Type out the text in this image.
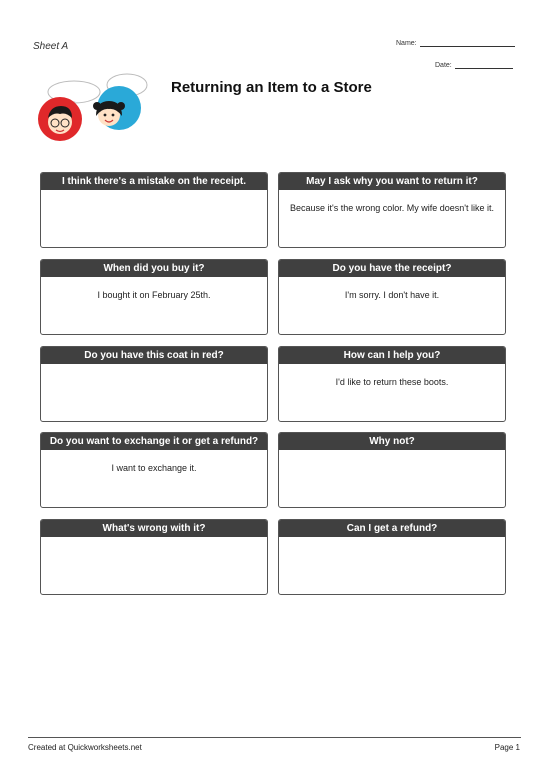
Sheet A	Name:
Date:
Returning an Item to a Store
I think there's a mistake on the receipt.	May I ask why you want to return it?
Because it's the wrong color. My wife doesn't like it.
When did you buy it?
I bought it on February 25th.
Do you have the receipt?
I'm sorry. I don't have it.
Do you have this coat in red?	How can I help you?
I'd like to return these boots.
Do you want to exchange it or get a refund?
I want to exchange it.
Why not?
What's wrong with it?	Can I get a refund?
Created at Quickworksheets.net	Page 1
